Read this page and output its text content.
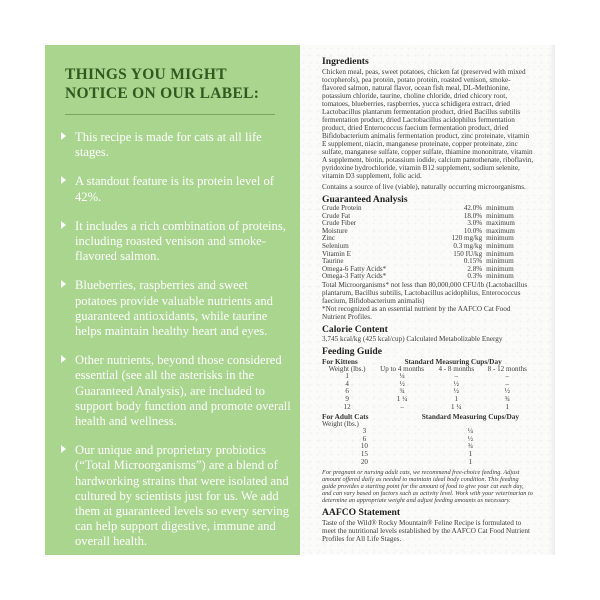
THINGS YOU MIGHT NOTICE ON OUR LABEL:
This recipe is made for cats at all life stages.
A standout feature is its protein level of 42%.
It includes a rich combination of proteins, including roasted venison and smoke-flavored salmon.
Blueberries, raspberries and sweet potatoes provide valuable nutrients and guaranteed antioxidants, while taurine helps maintain healthy heart and eyes.
Other nutrients, beyond those considered essential (see all the asterisks in the Guaranteed Analysis), are included to support body function and promote overall health and wellness.
Our unique and proprietary probiotics (“Total Microorganisms”) are a blend of hardworking strains that were isolated and cultured by scientists just for us. We add them at guaranteed levels so every serving can help support digestive, immune and overall health.
Ingredients

Chicken meal, peas, sweet potatoes, chicken fat (preserved with mixed tocopherols), pea protein, potato protein, roasted venison, smoke-flavored salmon, natural flavor, ocean fish meal, DL-Methionine, potassium chloride, taurine, choline chloride, dried chicory root, tomatoes, blueberries, raspberries, yucca schidigera extract, dried Lactobacillus plantarum fermentation product, dried Bacillus subtilis fermentation product, dried Lactobacillus acidophilus fermentation product, dried Enterococcus faecium fermentation product, dried Bifidobacterium animalis fermentation product, zinc proteinate, vitamin E supplement, niacin, manganese proteinate, copper proteinate, zinc sulfate, manganese sulfate, copper sulfate, thiamine mononitrate, vitamin A supplement, biotin, potassium iodide, calcium pantothenate, riboflavin, pyridoxine hydrochloride, vitamin B12 supplement, sodium selenite, vitamin D3 supplement, folic acid.

Contains a source of live (viable), naturally occurring microorganisms.

Guaranteed Analysis
Crude Protein	42.0%	minimum
Crude Fat	18.0%	minimum
Crude Fiber	3.0%	maximum
Moisture	10.0%	maximum
Zinc	120 mg/kg	minimum
Selenium	0.3 mg/kg	minimum
Vitamin E	150 IU/kg	minimum
Taurine	0.15%	minimum
Omega-6 Fatty Acids*	2.8%	minimum
Omega-3 Fatty Acids*	0.3%	minimum

Total Microorganisms* not less than 80,000,000 CFU/lb (Lactobacillus plantarum, Bacillus subtilis, Lactobacillus acidophilus, Enterococcus faecium, Bifidobacterium animalis)

*Not recognized as an essential nutrient by the AAFCO Cat Food Nutrient Profiles.

Calorie Content

3,745 kcal/kg (425 kcal/cup) Calculated Metabolizable Energy

Feeding Guide
For Kittens	Standard Measuring Cups/Day		
Weight (lbs.)	Up to 4 months	4 - 8 months	8 - 12 months
1	¼	–	–
4	½	½	–
6	¾	½	½
9	1 ¼	1	¾
12	–	1 ¼	1
For Adult Cats	Standard Measuring Cups/Day
Weight (lbs.)	
3	¼
6	½
10	¾
15	1
20	1

For pregnant or nursing adult cats, we recommend free-choice feeding. Adjust amount offered daily as needed to maintain ideal body condition. This feeding guide provides a starting point for the amount of food to give your cat each day, and can vary based on factors such as activity level. Work with your veterinarian to determine an appropriate weight and adjust feeding amounts as necessary.

AAFCO Statement

Taste of the Wild® Rocky Mountain® Feline Recipe is formulated to meet the nutritional levels established by the AAFCO Cat Food Nutrient Profiles for All Life Stages.
